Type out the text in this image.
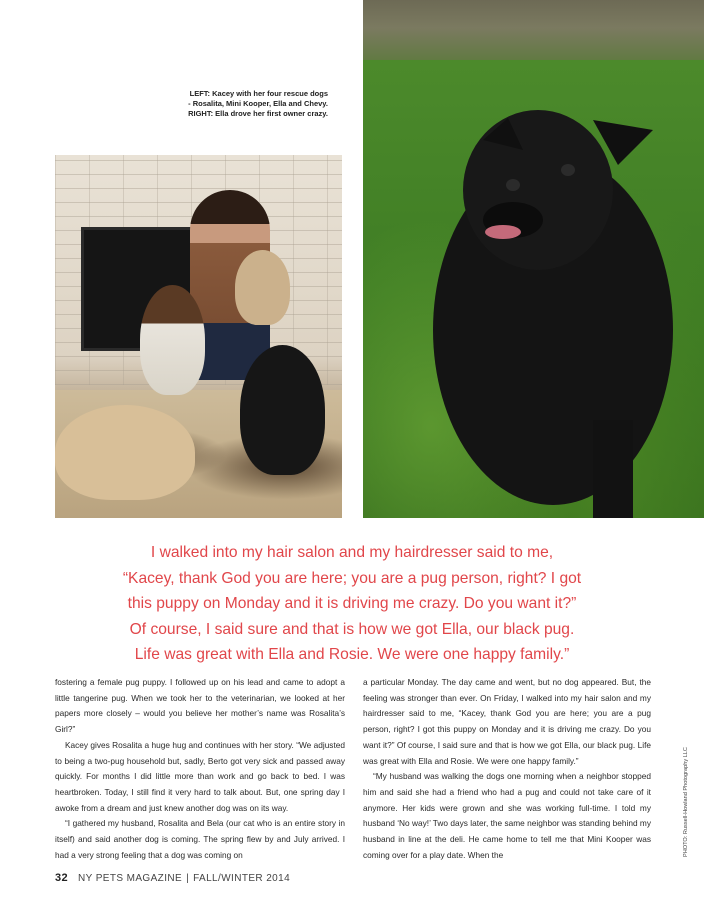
LEFT: Kacey with her four rescue dogs - Rosalita, Mini Kooper, Ella and Chevy. RIGHT: Ella drove her first owner crazy.

I walked into my hair salon and my hairdresser said to me,

“Kacey, thank God you are here; you are a pug person, right? I got

this puppy on Monday and it is driving me crazy. Do you want it?”

Of course, I said sure and that is how we got Ella, our black pug.

Life was great with Ella and Rosie. We were one happy family.”

fostering a female pug puppy. I followed up on his lead and came to adopt a little tangerine pug. When we took her to the veterinarian, we looked at her papers more closely – would you believe her mother’s name was Rosalita’s Girl?”

Kacey gives Rosalita a huge hug and continues with her story. “We adjusted to being a two-pug household but, sadly, Berto got very sick and passed away quickly. For months I did little more than work and go back to bed. I was heartbroken. Today, I still find it very hard to talk about. But, one spring day I awoke from a dream and just knew another dog was on its way.

“I gathered my husband, Rosalita and Bela (our cat who is an entire story in itself) and said another dog is coming. The spring flew by and July arrived. I had a very strong feeling that a dog was coming on

a particular Monday. The day came and went, but no dog appeared. But, the feeling was stronger than ever. On Friday, I walked into my hair salon and my hairdresser said to me, “Kacey, thank God you are here; you are a pug person, right? I got this puppy on Monday and it is driving me crazy. Do you want it?” Of course, I said sure and that is how we got Ella, our black pug. Life was great with Ella and Rosie. We were one happy family.”

“My husband was walking the dogs one morning when a neighbor stopped him and said she had a friend who had a pug and could not take care of it anymore. Her kids were grown and she was working full-time. I told my husband ‘No way!’ Two days later, the same neighbor was standing behind my husband in line at the deli. He came home to tell me that Mini Kooper was coming over for a play date. When the	PHOTO: Russell-Howland Photography LLC
32 NY PETS MAGAZINE | FALL/WINTER 2014
